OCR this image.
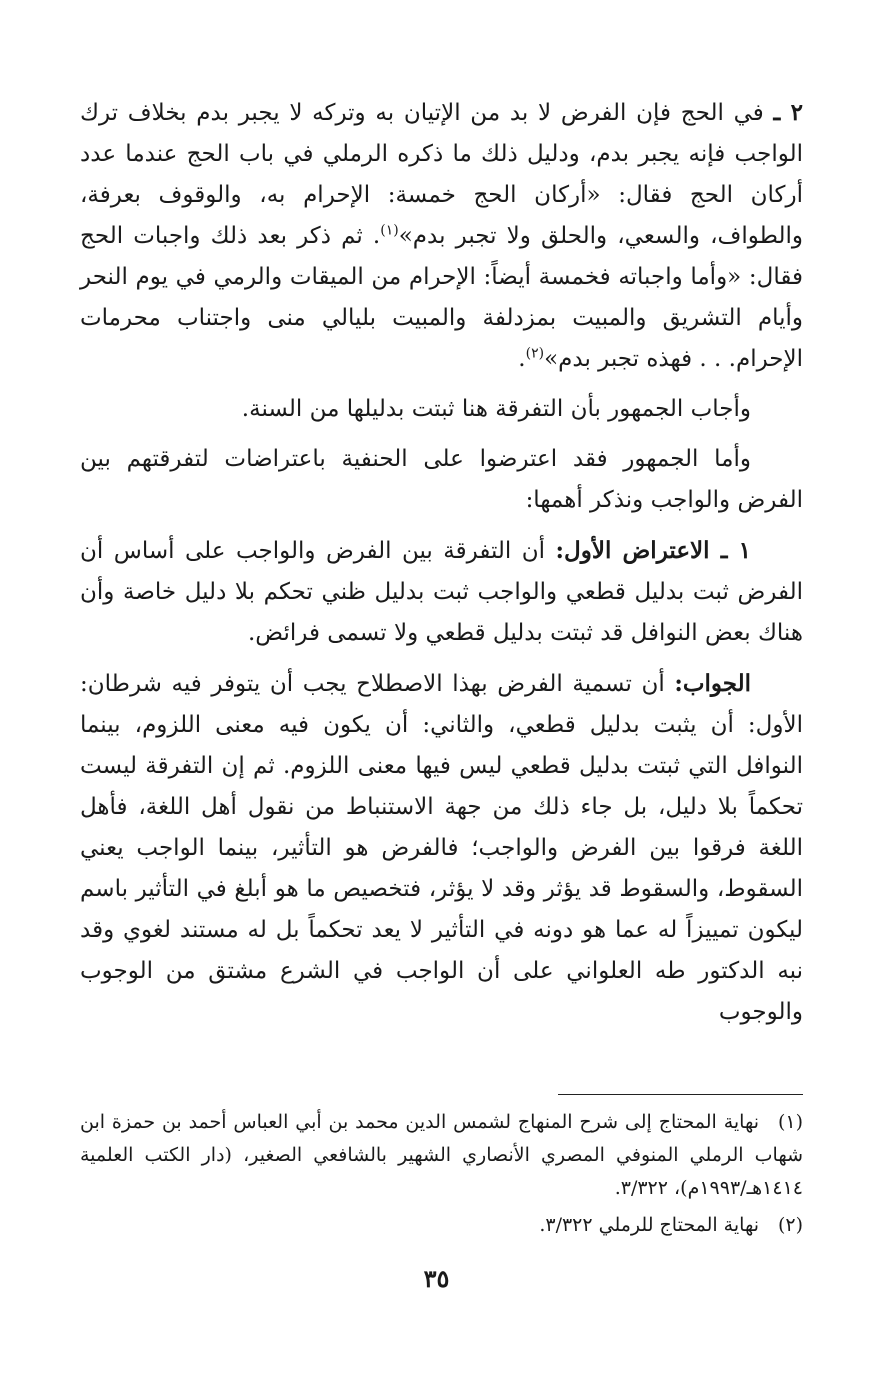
٢ ـ في الحج فإن الفرض لا بد من الإتيان به وتركه لا يجبر بدم بخلاف ترك الواجب فإنه يجبر بدم، ودليل ذلك ما ذكره الرملي في باب الحج عندما عدد أركان الحج فقال: «أركان الحج خمسة: الإحرام به، والوقوف بعرفة، والطواف، والسعي، والحلق ولا تجبر بدم»$^{(١)}$. ثم ذكر بعد ذلك واجبات الحج فقال: «وأما واجباته فخمسة أيضاً: الإحرام من الميقات والرمي في يوم النحر وأيام التشريق والمبيت بمزدلفة والمبيت بليالي منى واجتناب محرمات الإحرام. . . فهذه تجبر بدم»$^{(٢)}$.

وأجاب الجمهور بأن التفرقة هنا ثبتت بدليلها من السنة.

وأما الجمهور فقد اعترضوا على الحنفية باعتراضات لتفرقتهم بين الفرض والواجب ونذكر أهمها:

١ ـ الاعتراض الأول: أن التفرقة بين الفرض والواجب على أساس أن الفرض ثبت بدليل قطعي والواجب ثبت بدليل ظني تحكم بلا دليل خاصة وأن هناك بعض النوافل قد ثبتت بدليل قطعي ولا تسمى فرائض.

الجواب: أن تسمية الفرض بهذا الاصطلاح يجب أن يتوفر فيه شرطان: الأول: أن يثبت بدليل قطعي، والثاني: أن يكون فيه معنى اللزوم، بينما النوافل التي ثبتت بدليل قطعي ليس فيها معنى اللزوم. ثم إن التفرقة ليست تحكماً بلا دليل، بل جاء ذلك من جهة الاستنباط من نقول أهل اللغة، فأهل اللغة فرقوا بين الفرض والواجب؛ فالفرض هو التأثير، بينما الواجب يعني السقوط، والسقوط قد يؤثر وقد لا يؤثر، فتخصيص ما هو أبلغ في التأثير باسم ليكون تمييزاً له عما هو دونه في التأثير لا يعد تحكماً بل له مستند لغوي وقد نبه الدكتور طه العلواني على أن الواجب في الشرع مشتق من الوجوب والوجوب

(١)نهاية المحتاج إلى شرح المنهاج لشمس الدين محمد بن أبي العباس أحمد بن حمزة ابن شهاب الرملي المنوفي المصري الأنصاري الشهير بالشافعي الصغير، (دار الكتب العلمية ١٤١٤هـ/١٩٩٣م)، ٣/٣٢٢.

(٢)نهاية المحتاج للرملي ٣/٣٢٢.

٣٥
